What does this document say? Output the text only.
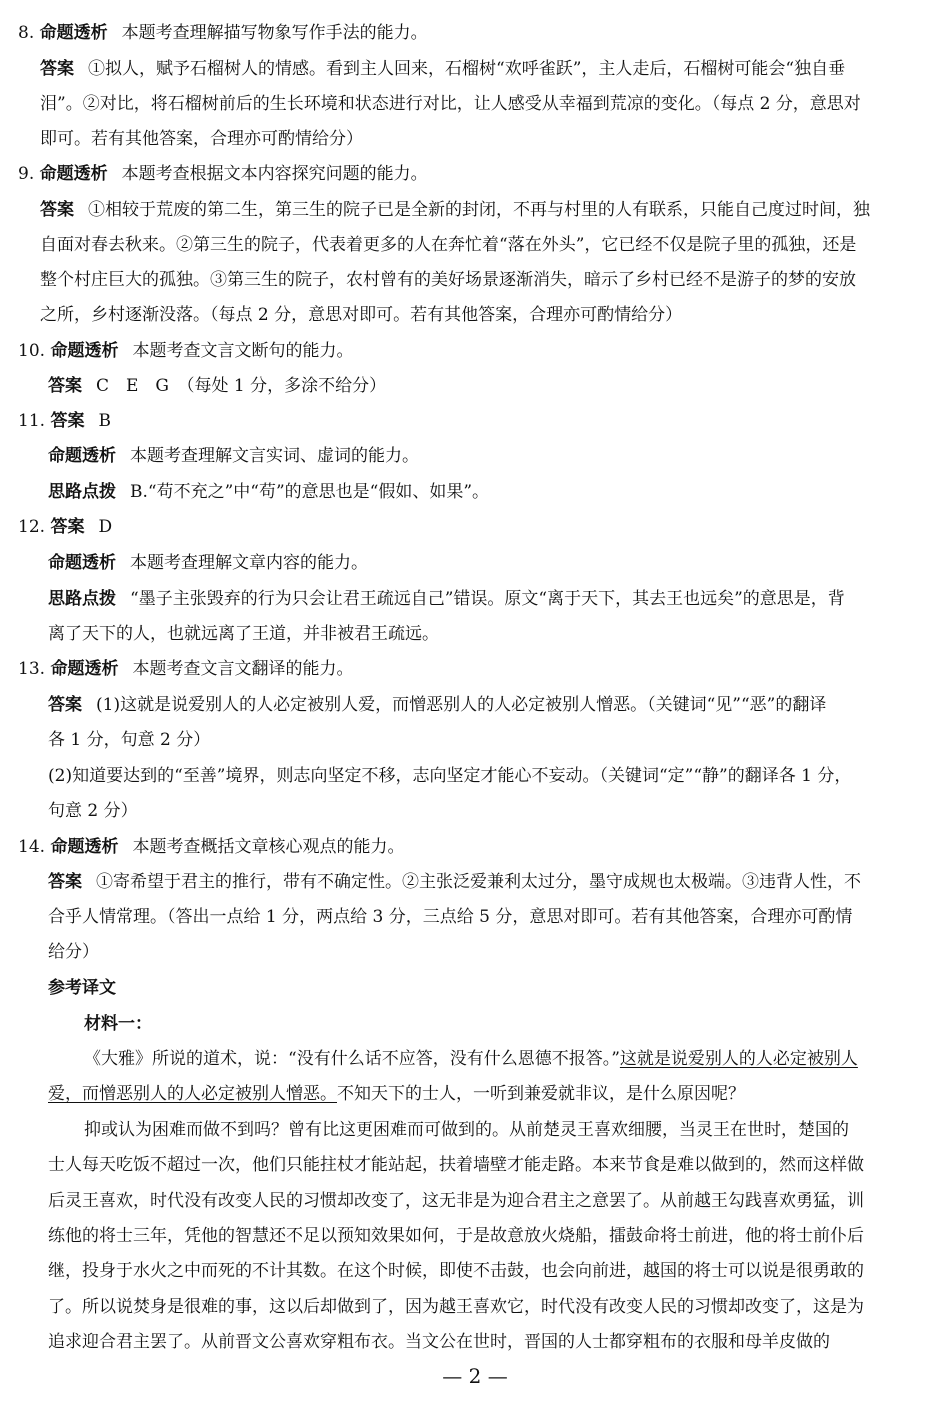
8. 命题透析 本题考查理解描写物象写作手法的能力。
答案 ①拟人，赋予石榴树人的情感。看到主人回来，石榴树“欢呼雀跃”，主人走后，石榴树可能会“独自垂
泪”。②对比，将石榴树前后的生长环境和状态进行对比，让人感受从幸福到荒凉的变化。（每点 2 分，意思对
即可。若有其他答案，合理亦可酌情给分）
9. 命题透析 本题考查根据文本内容探究问题的能力。
答案 ①相较于荒废的第二生，第三生的院子已是全新的封闭，不再与村里的人有联系，只能自己度过时间，独
自面对春去秋来。②第三生的院子，代表着更多的人在奔忙着“落在外头”，它已经不仅是院子里的孤独，还是
整个村庄巨大的孤独。③第三生的院子，农村曾有的美好场景逐渐消失，暗示了乡村已经不是游子的梦的安放
之所，乡村逐渐没落。（每点 2 分，意思对即可。若有其他答案，合理亦可酌情给分）
10. 命题透析 本题考查文言文断句的能力。
答案 C　E　G　（每处 1 分，多涂不给分）
11. 答案 B
命题透析 本题考查理解文言实词、虚词的能力。
思路点拨 B.“苟不充之”中“苟”的意思也是“假如、如果”。
12. 答案 D
命题透析 本题考查理解文章内容的能力。
思路点拨 “墨子主张毁弃的行为只会让君王疏远自己”错误。原文“离于天下，其去王也远矣”的意思是，背
离了天下的人，也就远离了王道，并非被君王疏远。
13. 命题透析 本题考查文言文翻译的能力。
答案 (1)这就是说爱别人的人必定被别人爱，而憎恶别人的人必定被别人憎恶。（关键词“见”“恶”的翻译
各 1 分，句意 2 分）
(2)知道要达到的“至善”境界，则志向坚定不移，志向坚定才能心不妄动。（关键词“定”“静”的翻译各 1 分，
句意 2 分）
14. 命题透析 本题考查概括文章核心观点的能力。
答案 ①寄希望于君主的推行，带有不确定性。②主张泛爱兼利太过分，墨守成规也太极端。③违背人性，不
合乎人情常理。（答出一点给 1 分，两点给 3 分，三点给 5 分，意思对即可。若有其他答案，合理亦可酌情
给分）
参考译文
材料一：
《大雅》所说的道术，说：“没有什么话不应答，没有什么恩德不报答。”这就是说爱别人的人必定被别人
爱，而憎恶别人的人必定被别人憎恶。不知天下的士人，一听到兼爱就非议，是什么原因呢？
抑或认为困难而做不到吗？曾有比这更困难而可做到的。从前楚灵王喜欢细腰，当灵王在世时，楚国的
士人每天吃饭不超过一次，他们只能拄杖才能站起，扶着墙壁才能走路。本来节食是难以做到的，然而这样做
后灵王喜欢，时代没有改变人民的习惯却改变了，这无非是为迎合君主之意罢了。从前越王勾践喜欢勇猛，训
练他的将士三年，凭他的智慧还不足以预知效果如何，于是故意放火烧船，擂鼓命将士前进，他的将士前仆后
继，投身于水火之中而死的不计其数。在这个时候，即使不击鼓，也会向前进，越国的将士可以说是很勇敢的
了。所以说焚身是很难的事，这以后却做到了，因为越王喜欢它，时代没有改变人民的习惯却改变了，这是为
追求迎合君主罢了。从前晋文公喜欢穿粗布衣。当文公在世时，晋国的人士都穿粗布的衣服和母羊皮做的
— 2 —
